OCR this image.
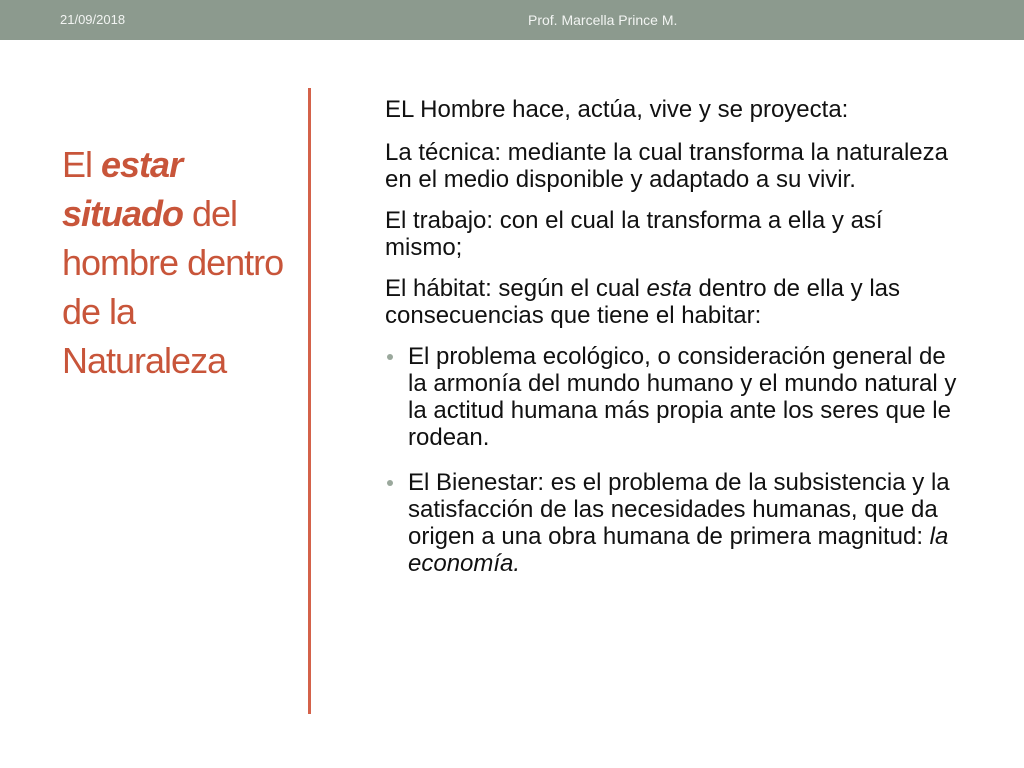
21/09/2018	Prof. Marcella Prince M.
El estar situado del hombre dentro de la Naturaleza

EL Hombre hace, actúa, vive y se proyecta:

La técnica: mediante la cual transforma la naturaleza en el medio disponible y adaptado a su vivir.

El trabajo: con el cual la transforma a ella y así mismo;

El hábitat: según el cual esta dentro de ella y las consecuencias que tiene el habitar:

El problema ecológico, o consideración general de la armonía del mundo humano y el mundo natural y la actitud humana más propia ante los seres que le rodean.
El Bienestar: es el problema de la subsistencia y la satisfacción de las necesidades humanas, que da origen a una obra humana de primera magnitud: la economía.
